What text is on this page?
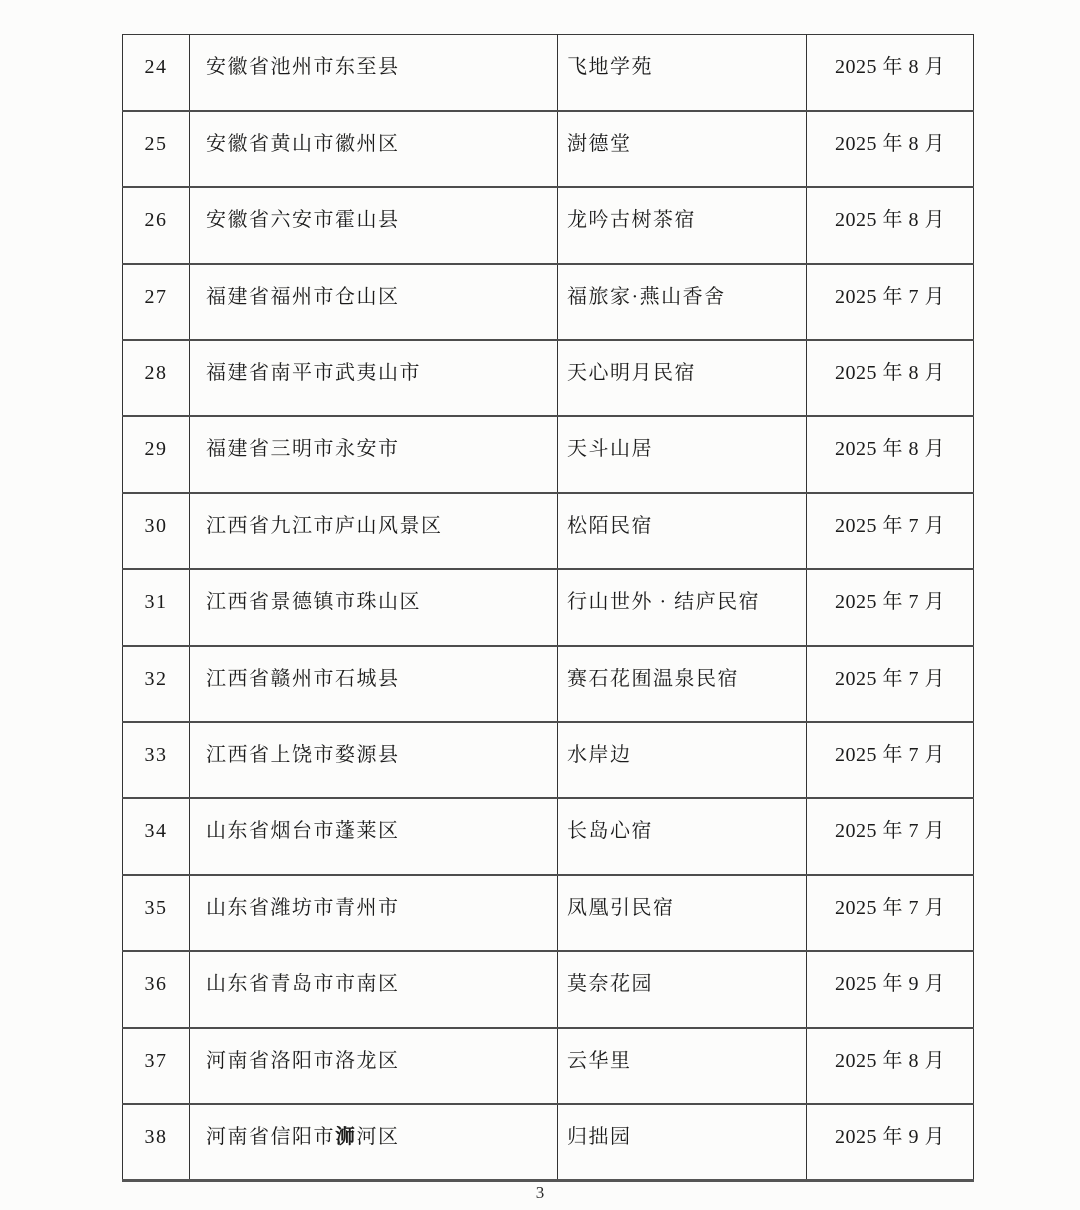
24	安徽省池州市东至县	飞地学苑	2025 年 8 月
25	安徽省黄山市徽州区	澍德堂	2025 年 8 月
26	安徽省六安市霍山县	龙吟古树茶宿	2025 年 8 月
27	福建省福州市仓山区	福旅家·燕山香舍	2025 年 7 月
28	福建省南平市武夷山市	天心明月民宿	2025 年 8 月
29	福建省三明市永安市	天斗山居	2025 年 8 月
30	江西省九江市庐山风景区	松陌民宿	2025 年 7 月
31	江西省景德镇市珠山区	行山世外 · 结庐民宿	2025 年 7 月
32	江西省赣州市石城县	赛石花囿温泉民宿	2025 年 7 月
33	江西省上饶市婺源县	水岸边	2025 年 7 月
34	山东省烟台市蓬莱区	长岛心宿	2025 年 7 月
35	山东省潍坊市青州市	凤凰引民宿	2025 年 7 月
36	山东省青岛市市南区	莫奈花园	2025 年 9 月
37	河南省洛阳市洛龙区	云华里	2025 年 8 月
38	河南省信阳市浉河区	归拙园	2025 年 9 月
3
